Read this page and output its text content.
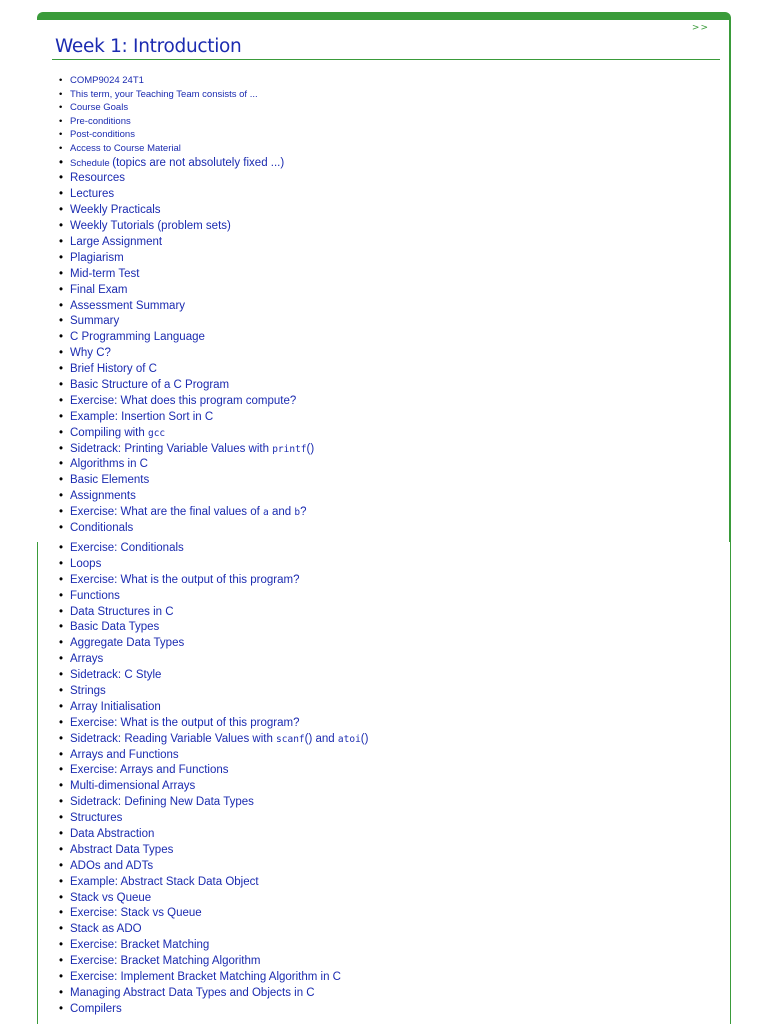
>>
Week 1: Introduction
• COMP9024 24T1
• This term, your Teaching Team consists of ...
• Course Goals
• Pre-conditions
• Post-conditions
• Access to Course Material
• Schedule (topics are not absolutely fixed ...)
• Resources
• Lectures
• Weekly Practicals
• Weekly Tutorials (problem sets)
• Large Assignment
• Plagiarism
• Mid-term Test
• Final Exam
• Assessment Summary
• Summary
• C Programming Language
• Why C?
• Brief History of C
• Basic Structure of a C Program
• Exercise: What does this program compute?
• Example: Insertion Sort in C
• Compiling with gcc
• Sidetrack: Printing Variable Values with printf()
• Algorithms in C
• Basic Elements
• Assignments
• Exercise: What are the final values of a and b?
• Conditionals
• Exercise: Conditionals
• Loops
• Exercise: What is the output of this program?
• Functions
• Data Structures in C
• Basic Data Types
• Aggregate Data Types
• Arrays
• Sidetrack: C Style
• Strings
• Array Initialisation
• Exercise: What is the output of this program?
• Sidetrack: Reading Variable Values with scanf() and atoi()
• Arrays and Functions
• Exercise: Arrays and Functions
• Multi-dimensional Arrays
• Sidetrack: Defining New Data Types
• Structures
• Data Abstraction
• Abstract Data Types
• ADOs and ADTs
• Example: Abstract Stack Data Object
• Stack vs Queue
• Exercise: Stack vs Queue
• Stack as ADO
• Exercise: Bracket Matching
• Exercise: Bracket Matching Algorithm
• Exercise: Implement Bracket Matching Algorithm in C
• Managing Abstract Data Types and Objects in C
• Compilers
